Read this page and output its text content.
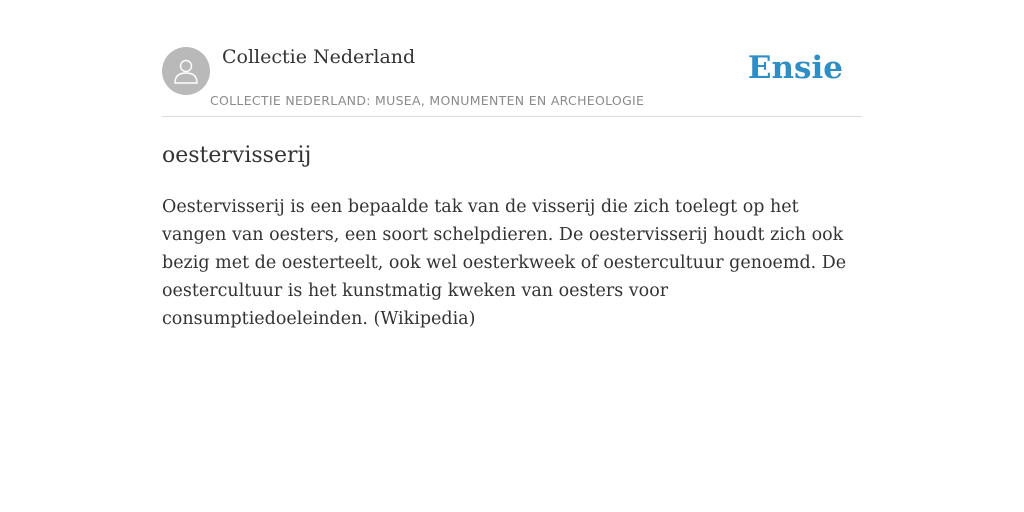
Collectie Nederland
COLLECTIE NEDERLAND: MUSEA, MONUMENTEN EN ARCHEOLOGIE
Ensie
oestervisserij

Oestervisserij is een bepaalde tak van de visserij die zich toelegt op het vangen van oesters, een soort schelpdieren. De oestervisserij houdt zich ook bezig met de oesterteelt, ook wel oesterkweek of oestercultuur genoemd. De oestercultuur is het kunstmatig kweken van oesters voor consumptiedoeleinden. (Wikipedia)
